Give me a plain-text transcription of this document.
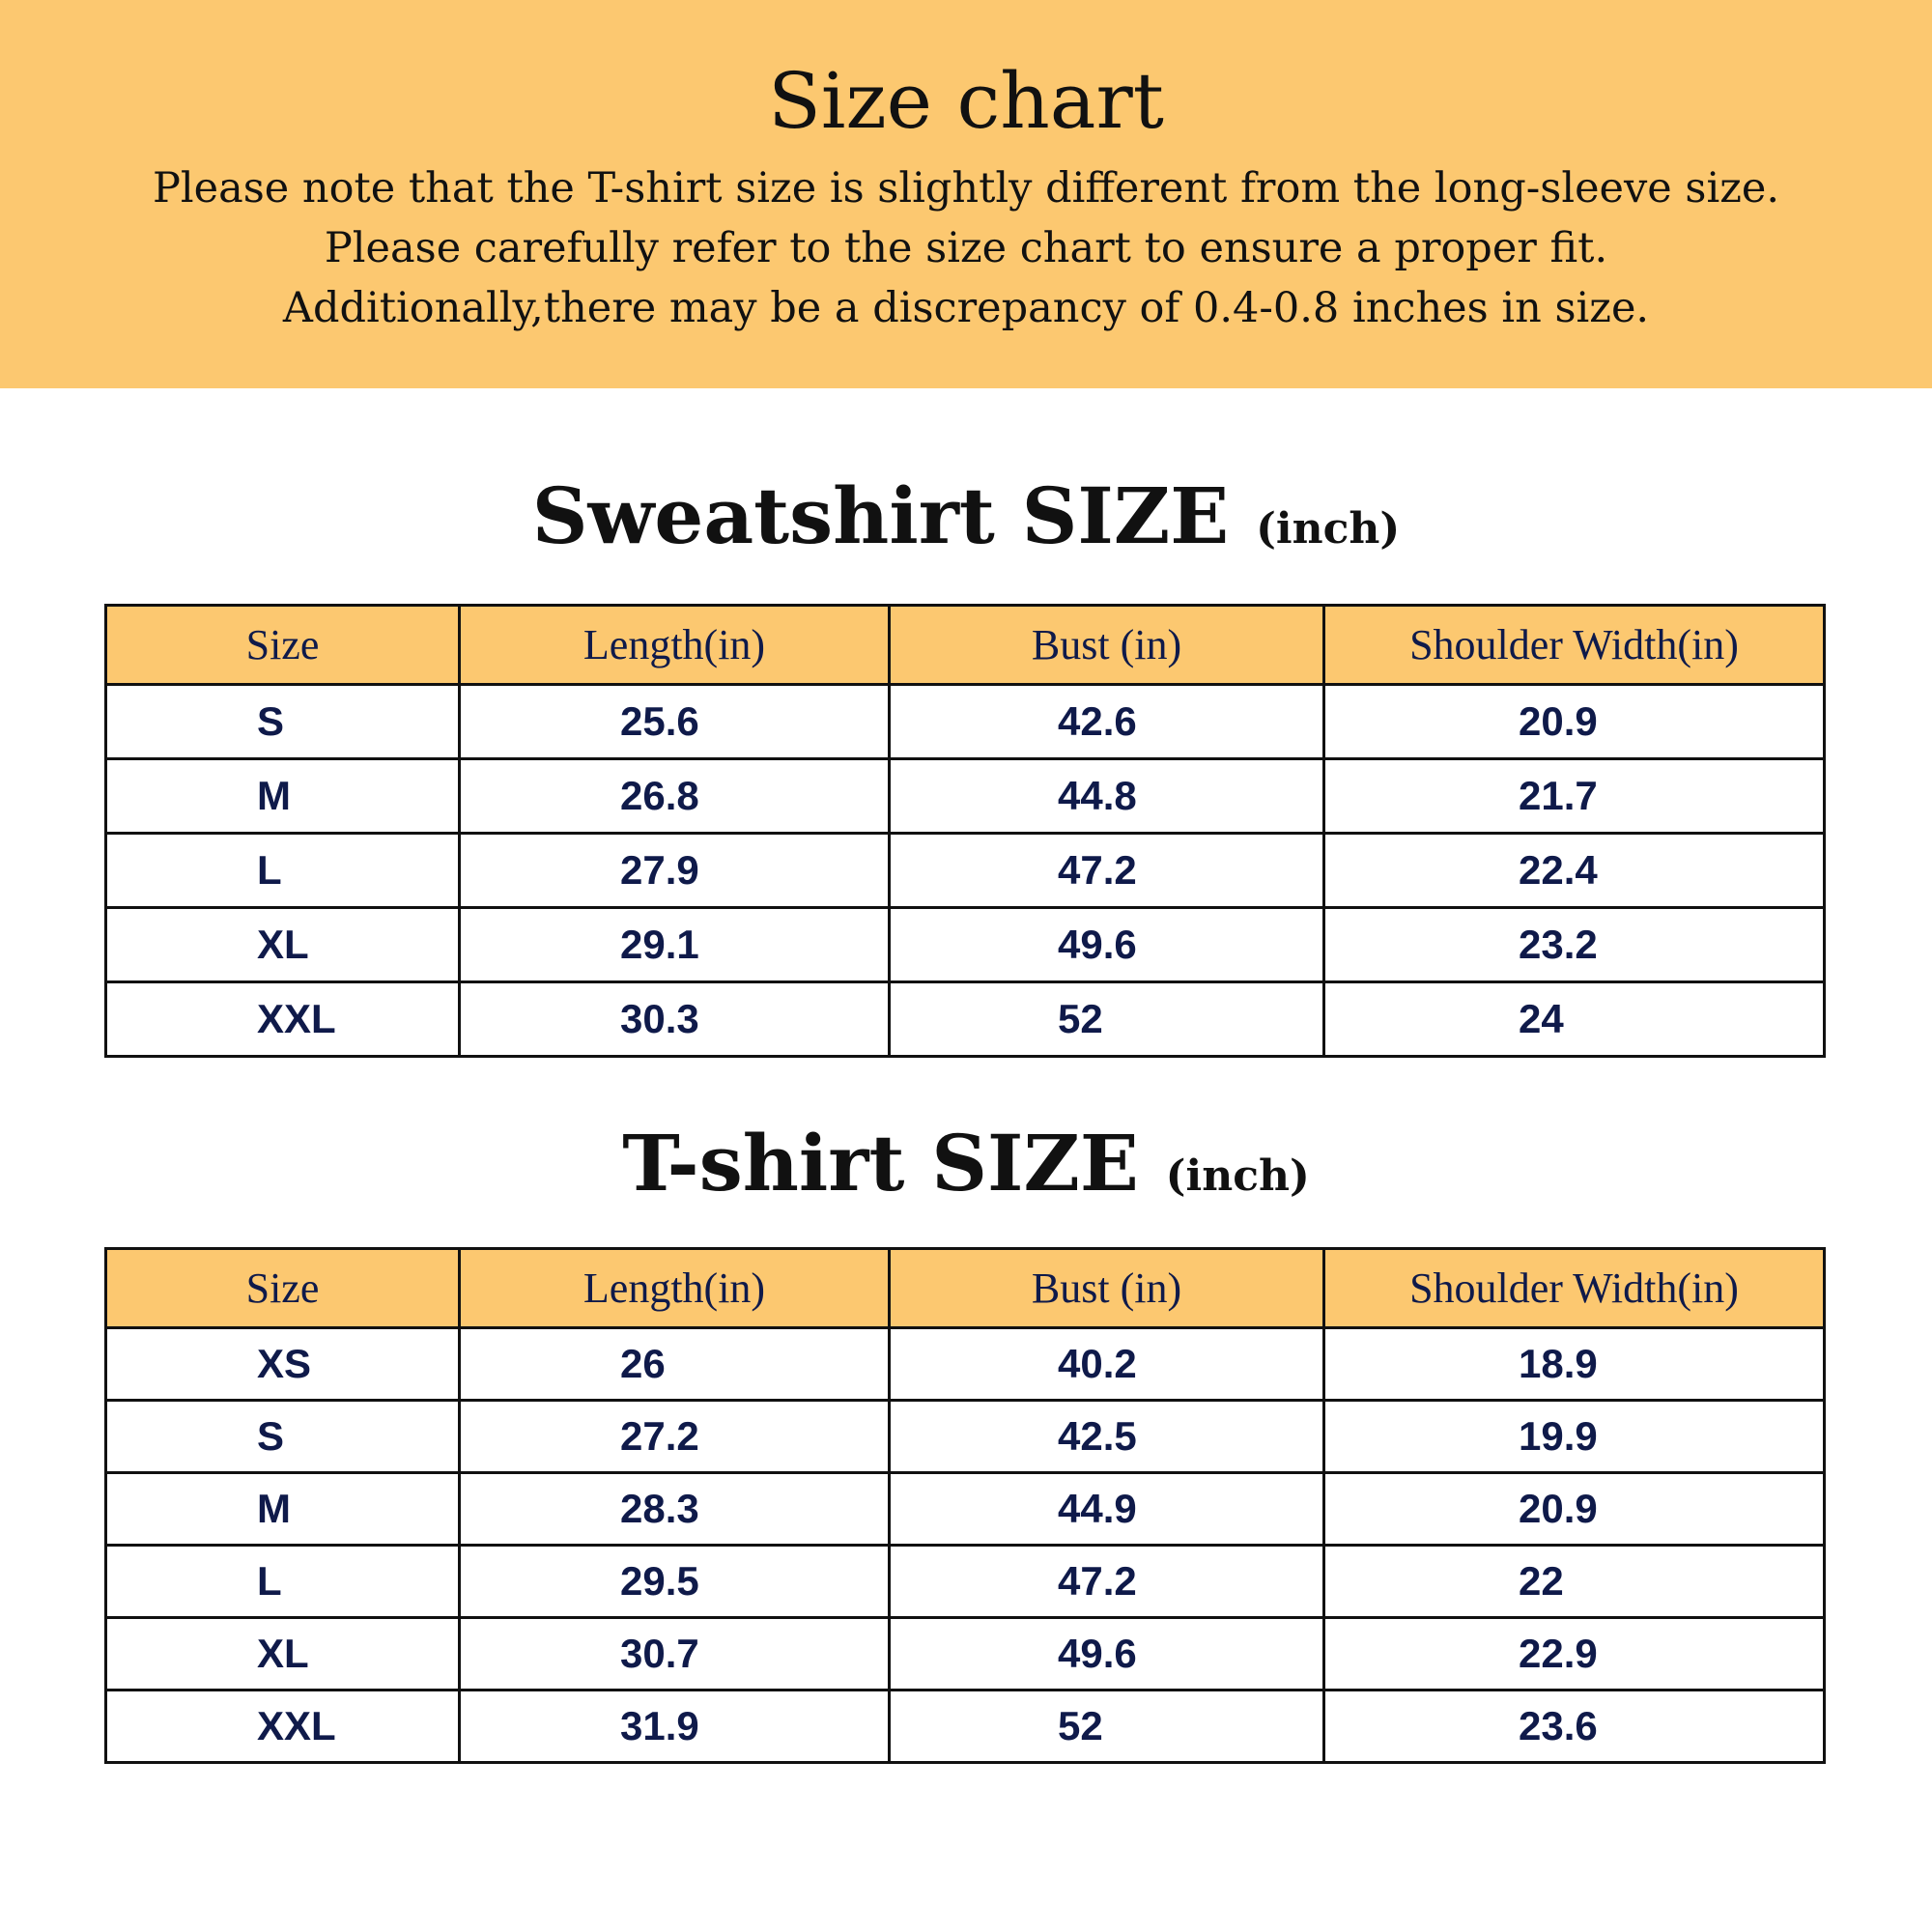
Size chart
Please note that the T-shirt size is slightly different from the long-sleeve size.
Please carefully refer to the size chart to ensure a proper fit.
Additionally,there may be a discrepancy of 0.4-0.8 inches in size.
Sweatshirt SIZE (inch)
Size	Length(in)	Bust (in)	Shoulder Width(in)
S	25.6	42.6	20.9
M	26.8	44.8	21.7
L	27.9	47.2	22.4
XL	29.1	49.6	23.2
XXL	30.3	52	24
T-shirt SIZE (inch)
Size	Length(in)	Bust (in)	Shoulder Width(in)
XS	26	40.2	18.9
S	27.2	42.5	19.9
M	28.3	44.9	20.9
L	29.5	47.2	22
XL	30.7	49.6	22.9
XXL	31.9	52	23.6
